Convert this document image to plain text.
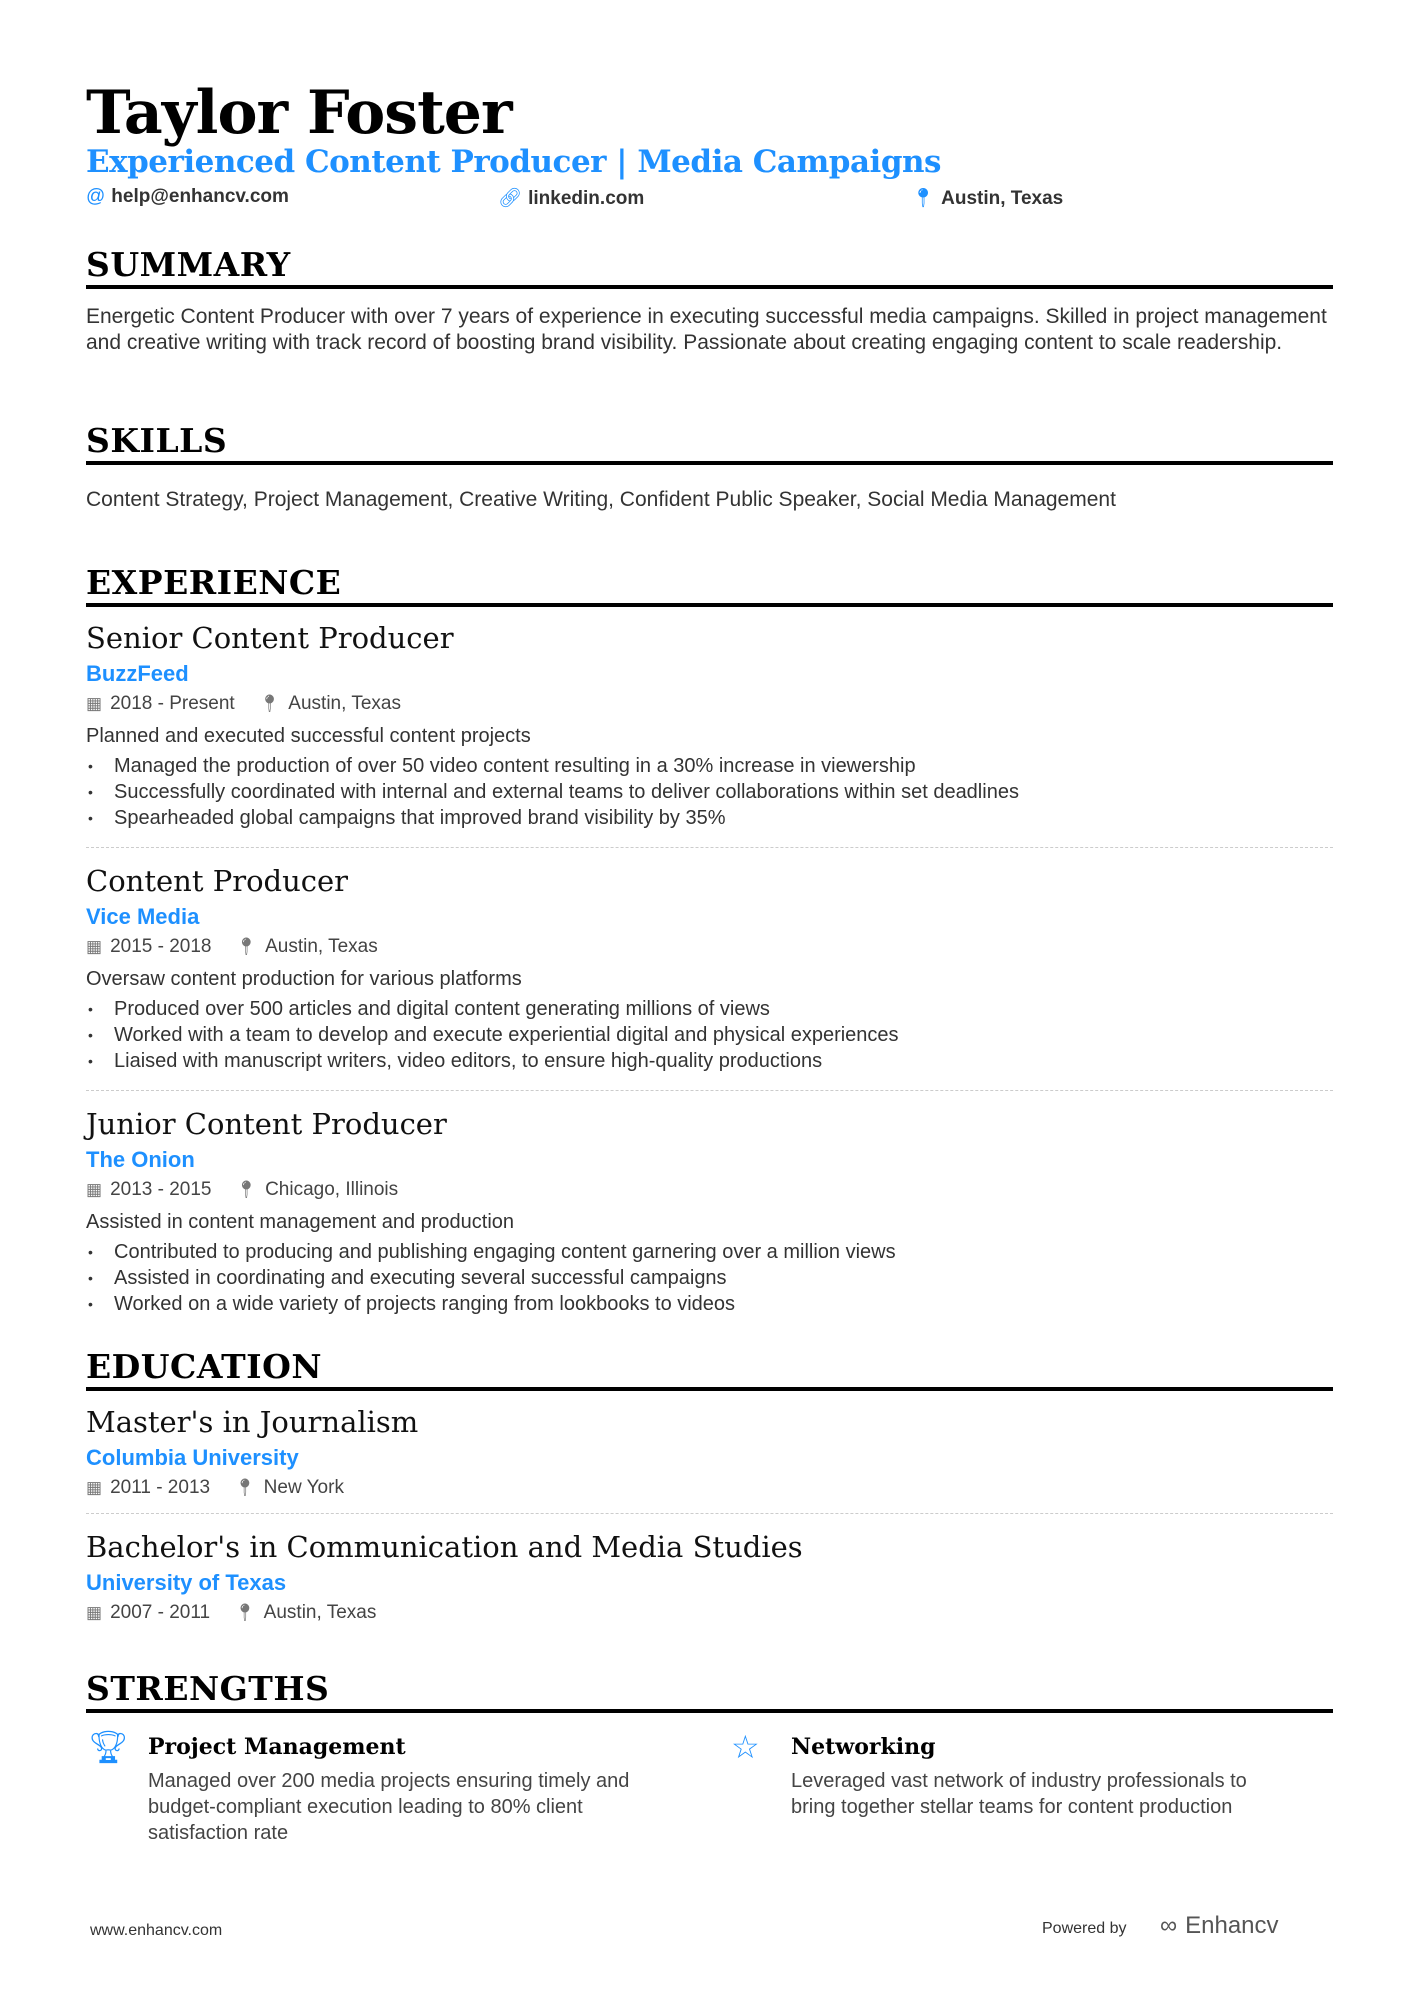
Taylor Foster
Experienced Content Producer | Media Campaigns
@ help@enhancv.com	🔗︎ linkedin.com	📍︎ Austin, Texas
SUMMARY
Energetic Content Producer with over 7 years of experience in executing successful media campaigns. Skilled in project management and creative writing with track record of boosting brand visibility. Passionate about creating engaging content to scale readership.
SKILLS
Content Strategy, Project Management, Creative Writing, Confident Public Speaker, Social Media Management
EXPERIENCE
Senior Content Producer
BuzzFeed
▦ 2018 - Present 📍︎ Austin, Texas
Planned and executed successful content projects
• Managed the production of over 50 video content resulting in a 30% increase in viewership
• Successfully coordinated with internal and external teams to deliver collaborations within set deadlines
• Spearheaded global campaigns that improved brand visibility by 35%
Content Producer
Vice Media
▦ 2015 - 2018 📍︎ Austin, Texas
Oversaw content production for various platforms
• Produced over 500 articles and digital content generating millions of views
• Worked with a team to develop and execute experiential digital and physical experiences
• Liaised with manuscript writers, video editors, to ensure high-quality productions
Junior Content Producer
The Onion
▦ 2013 - 2015 📍︎ Chicago, Illinois
Assisted in content management and production
• Contributed to producing and publishing engaging content garnering over a million views
• Assisted in coordinating and executing several successful campaigns
• Worked on a wide variety of projects ranging from lookbooks to videos
EDUCATION
Master's in Journalism
Columbia University
▦ 2011 - 2013 📍︎ New York
Bachelor's in Communication and Media Studies
University of Texas
▦ 2007 - 2011 📍︎ Austin, Texas
STRENGTHS
🏆︎ Project Management
Managed over 200 media projects ensuring timely and budget-compliant execution leading to 80% client satisfaction rate
☆ Networking
Leveraged vast network of industry professionals to bring together stellar teams for content production
www.enhancv.com	Powered by ∞ Enhancv
